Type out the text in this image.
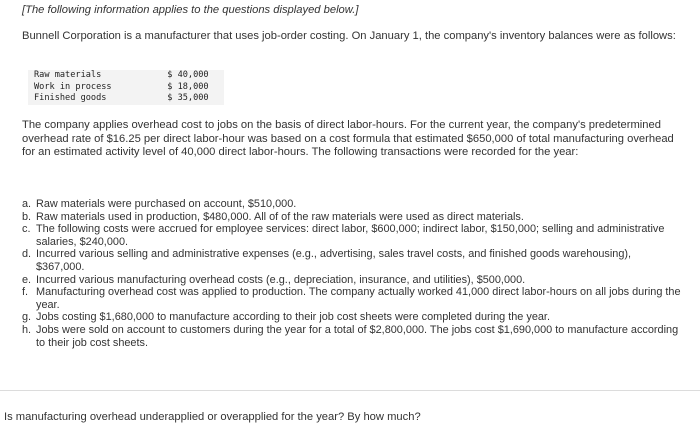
[The following information applies to the questions displayed below.]
Bunnell Corporation is a manufacturer that uses job-order costing. On January 1, the company's inventory balances were as follows:
Raw materials	$ 40,000
Work in process	$ 18,000
Finished goods	$ 35,000
The company applies overhead cost to jobs on the basis of direct labor-hours. For the current year, the company's predetermined overhead rate of $16.25 per direct labor-hour was based on a cost formula that estimated $650,000 of total manufacturing overhead for an estimated activity level of 40,000 direct labor-hours. The following transactions were recorded for the year:
a. Raw materials were purchased on account, $510,000.
b. Raw materials used in production, $480,000. All of of the raw materials were used as direct materials.
c. The following costs were accrued for employee services: direct labor, $600,000; indirect labor, $150,000; selling and administrative salaries, $240,000.
d. Incurred various selling and administrative expenses (e.g., advertising, sales travel costs, and finished goods warehousing), $367,000.
e. Incurred various manufacturing overhead costs (e.g., depreciation, insurance, and utilities), $500,000.
f. Manufacturing overhead cost was applied to production. The company actually worked 41,000 direct labor-hours on all jobs during the year.
g. Jobs costing $1,680,000 to manufacture according to their job cost sheets were completed during the year.
h. Jobs were sold on account to customers during the year for a total of $2,800,000. The jobs cost $1,690,000 to manufacture according to their job cost sheets.
Is manufacturing overhead underapplied or overapplied for the year? By how much?
